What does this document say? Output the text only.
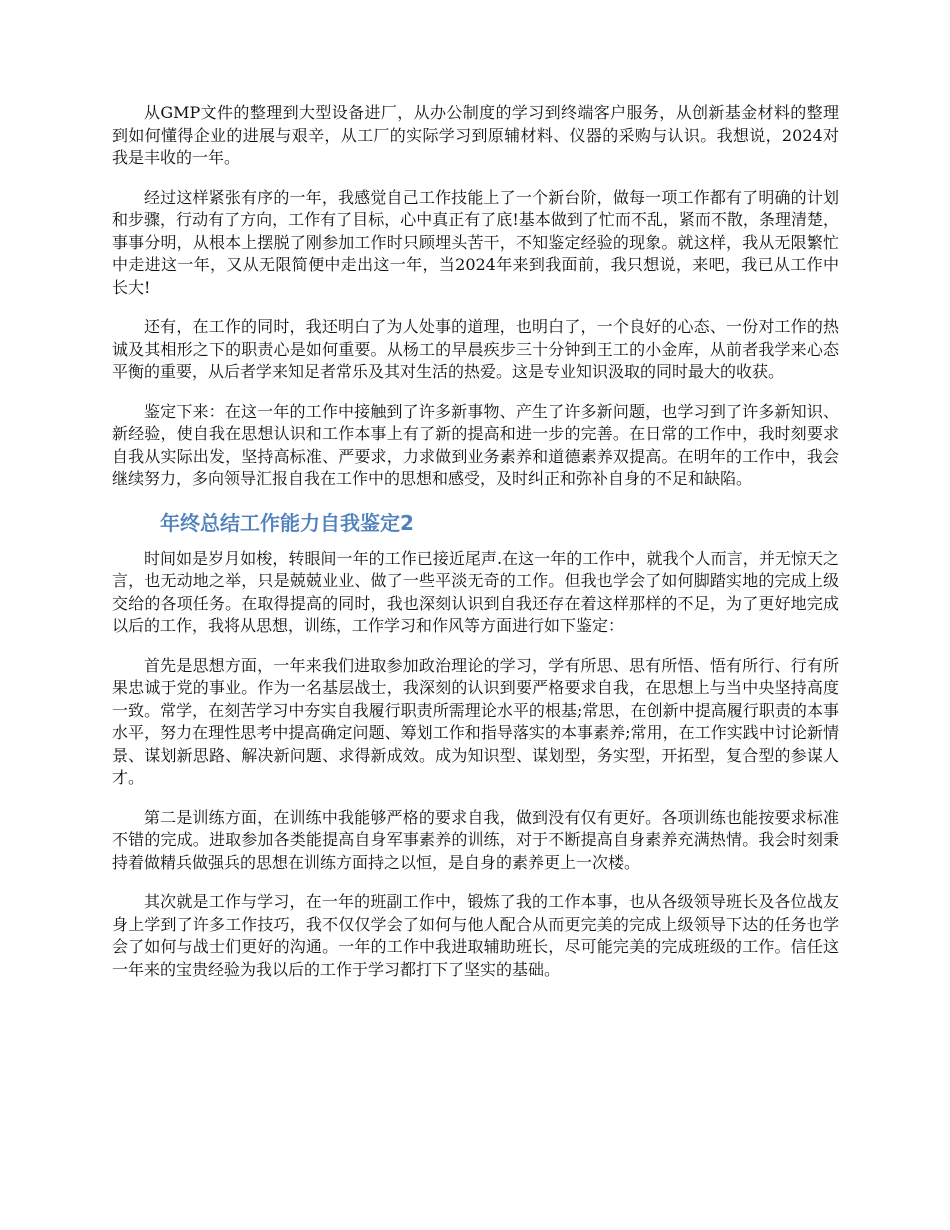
从GMP文件的整理到大型设备进厂，从办公制度的学习到终端客户服务，从创新基金材料的整理到如何懂得企业的进展与艰辛，从工厂的实际学习到原辅材料、仪器的采购与认识。我想说，2024对我是丰收的一年。

经过这样紧张有序的一年，我感觉自己工作技能上了一个新台阶，做每一项工作都有了明确的计划和步骤，行动有了方向，工作有了目标，心中真正有了底!基本做到了忙而不乱，紧而不散，条理清楚，事事分明，从根本上摆脱了刚参加工作时只顾埋头苦干，不知鉴定经验的现象。就这样，我从无限繁忙中走进这一年，又从无限简便中走出这一年，当2024年来到我面前，我只想说，来吧，我已从工作中长大!

还有，在工作的同时，我还明白了为人处事的道理，也明白了，一个良好的心态、一份对工作的热诚及其相形之下的职责心是如何重要。从杨工的早晨疾步三十分钟到王工的小金库，从前者我学来心态平衡的重要，从后者学来知足者常乐及其对生活的热爱。这是专业知识汲取的同时最大的收获。

鉴定下来：在这一年的工作中接触到了许多新事物、产生了许多新问题，也学习到了许多新知识、新经验，使自我在思想认识和工作本事上有了新的提高和进一步的完善。在日常的工作中，我时刻要求自我从实际出发，坚持高标准、严要求，力求做到业务素养和道德素养双提高。在明年的工作中，我会继续努力，多向领导汇报自我在工作中的思想和感受，及时纠正和弥补自身的不足和缺陷。

年终总结工作能力自我鉴定2

时间如是岁月如梭，转眼间一年的工作已接近尾声.在这一年的工作中，就我个人而言，并无惊天之言，也无动地之举，只是兢兢业业、做了一些平淡无奇的工作。但我也学会了如何脚踏实地的完成上级交给的各项任务。在取得提高的同时，我也深刻认识到自我还存在着这样那样的不足，为了更好地完成以后的工作，我将从思想，训练，工作学习和作风等方面进行如下鉴定：

首先是思想方面，一年来我们进取参加政治理论的学习，学有所思、思有所悟、悟有所行、行有所果忠诚于党的事业。作为一名基层战士，我深刻的认识到要严格要求自我，在思想上与当中央坚持高度一致。常学，在刻苦学习中夯实自我履行职责所需理论水平的根基;常思，在创新中提高履行职责的本事水平，努力在理性思考中提高确定问题、筹划工作和指导落实的本事素养;常用，在工作实践中讨论新情景、谋划新思路、解决新问题、求得新成效。成为知识型、谋划型，务实型，开拓型，复合型的参谋人才。

第二是训练方面，在训练中我能够严格的要求自我，做到没有仅有更好。各项训练也能按要求标准不错的完成。进取参加各类能提高自身军事素养的训练，对于不断提高自身素养充满热情。我会时刻秉持着做精兵做强兵的思想在训练方面持之以恒，是自身的素养更上一次楼。

其次就是工作与学习，在一年的班副工作中，锻炼了我的工作本事，也从各级领导班长及各位战友身上学到了许多工作技巧，我不仅仅学会了如何与他人配合从而更完美的完成上级领导下达的任务也学会了如何与战士们更好的沟通。一年的工作中我进取辅助班长，尽可能完美的完成班级的工作。信任这一年来的宝贵经验为我以后的工作于学习都打下了坚实的基础。
